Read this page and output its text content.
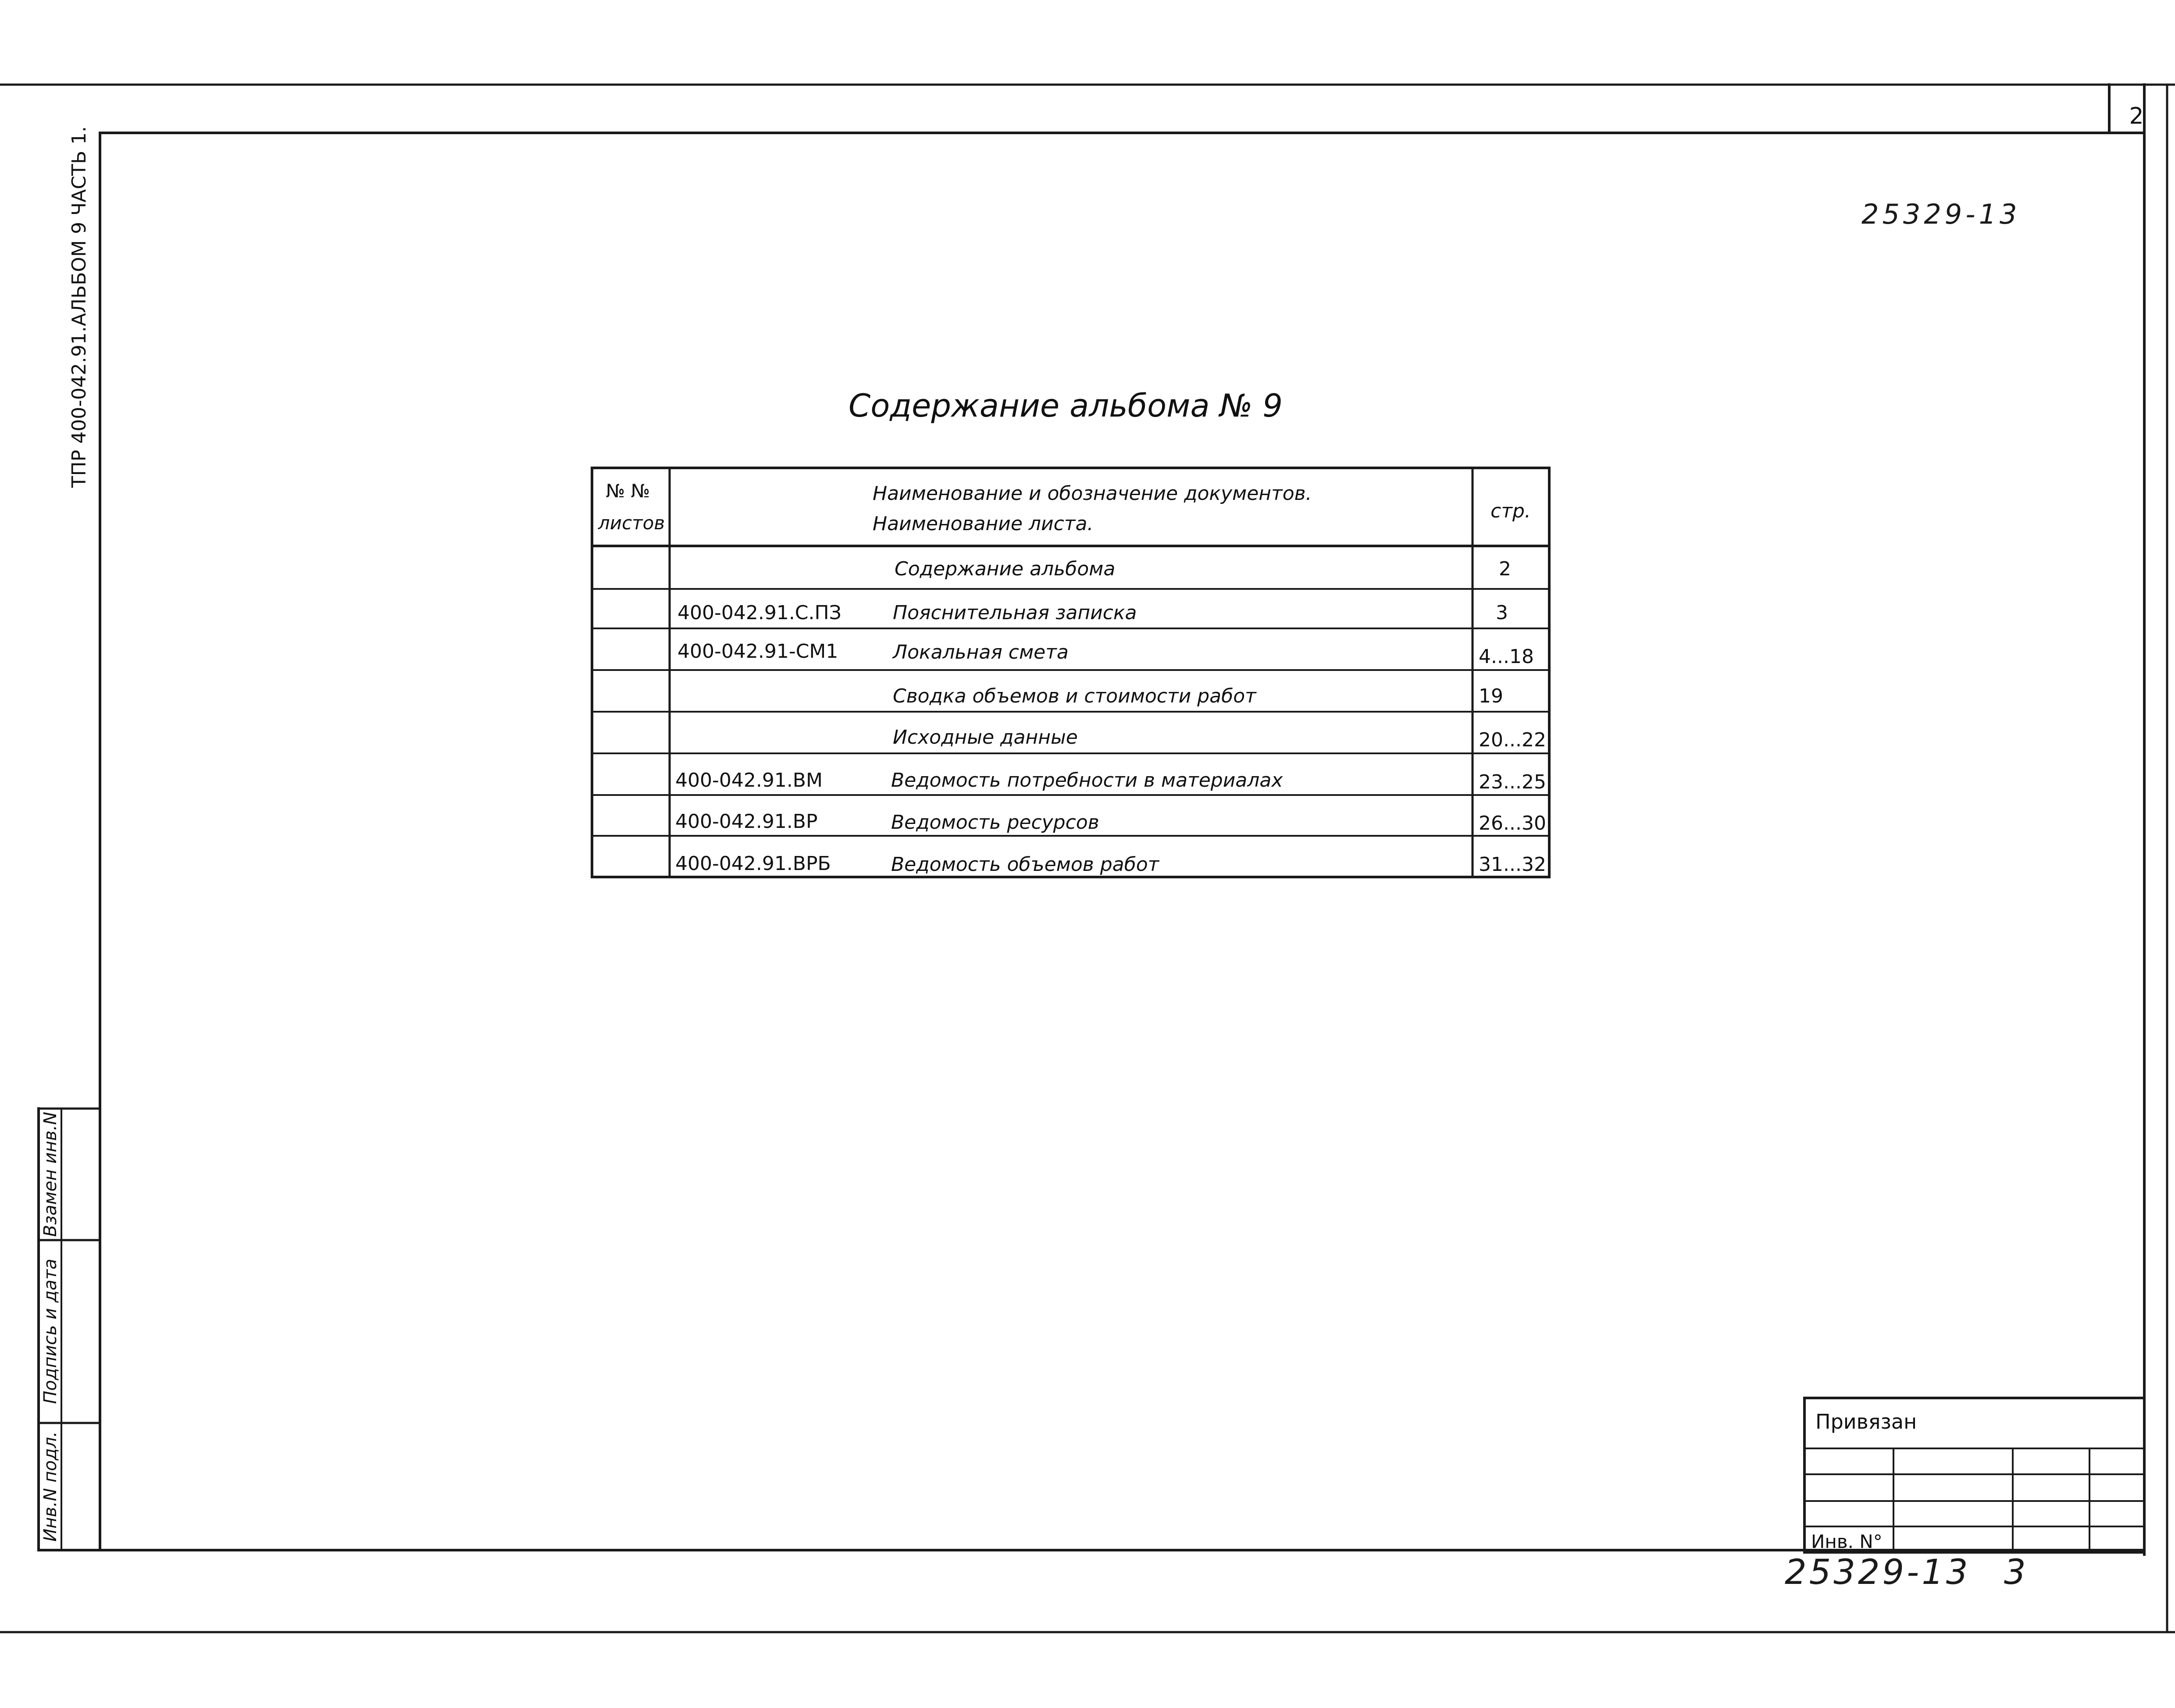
2
25329-13
ТПР 400-042.91.АЛЬБОМ 9 ЧАСТЬ 1.
Взамен инв.N
Подпись и дата
Инв.N подл.
Содержание альбома № 9
№ №
листов
Наименование и обозначение документов.
Наименование листа.
стр.
Содержание альбома	2
400-042.91.С.ПЗ	Пояснительная записка	3
400-042.91-СМ1	Локальная смета	4...18
Сводка объемов и стоимости работ	19
Исходные данные	20...22
400-042.91.ВМ	Ведомость потребности в материалах	23...25
400-042.91.ВР	Ведомость ресурсов	26...30
400-042.91.ВРБ	Ведомость объемов работ	31...32
Привязан
Инв. N°
25329-13 3
